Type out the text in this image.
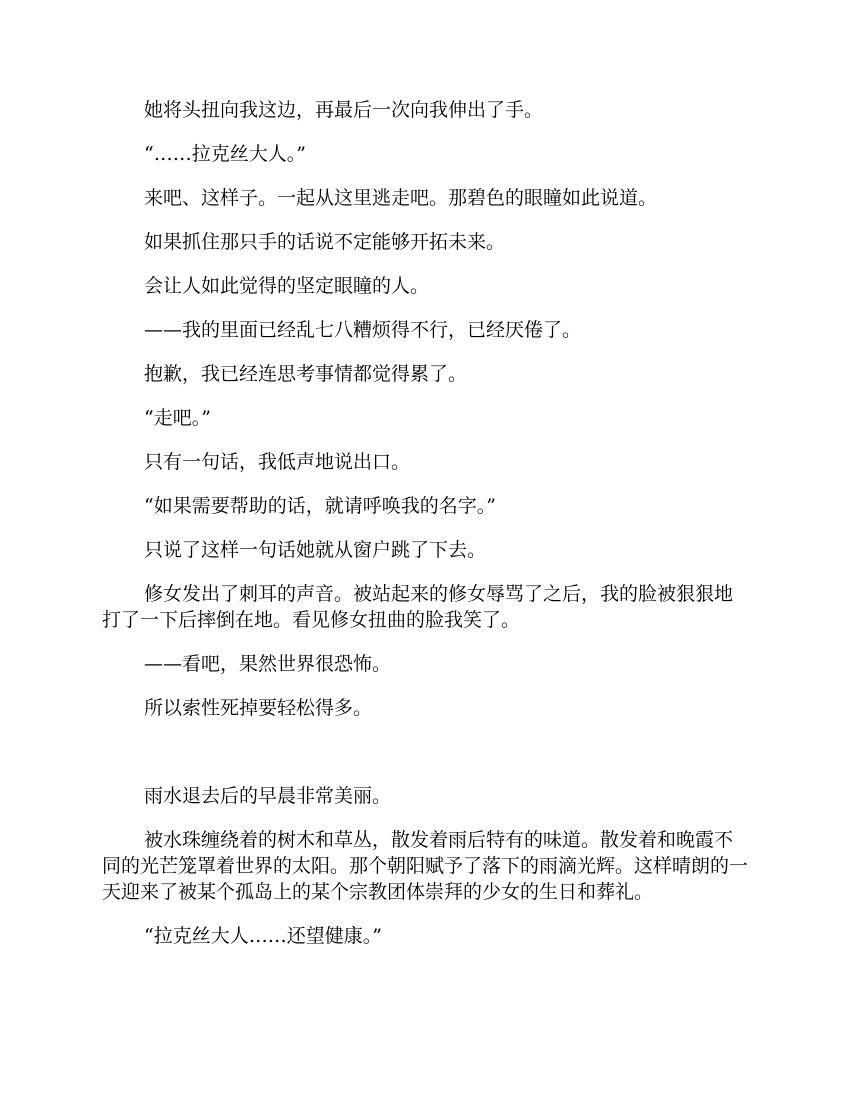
她将头扭向我这边，再最后一次向我伸出了手。

“……拉克丝大人。”

来吧、这样子。一起从这里逃走吧。那碧色的眼瞳如此说道。

如果抓住那只手的话说不定能够开拓未来。

会让人如此觉得的坚定眼瞳的人。

——我的里面已经乱七八糟烦得不行，已经厌倦了。

抱歉，我已经连思考事情都觉得累了。

“走吧。”

只有一句话，我低声地说出口。

“如果需要帮助的话，就请呼唤我的名字。”

只说了这样一句话她就从窗户跳了下去。

修女发出了刺耳的声音。被站起来的修女辱骂了之后，我的脸被狠狠地打了一下后摔倒在地。看见修女扭曲的脸我笑了。

——看吧，果然世界很恐怖。

所以索性死掉要轻松得多。

雨水退去后的早晨非常美丽。

被水珠缠绕着的树木和草丛，散发着雨后特有的味道。散发着和晚霞不同的光芒笼罩着世界的太阳。那个朝阳赋予了落下的雨滴光辉。这样晴朗的一天迎来了被某个孤岛上的某个宗教团体崇拜的少女的生日和葬礼。

“拉克丝大人……还望健康。”
